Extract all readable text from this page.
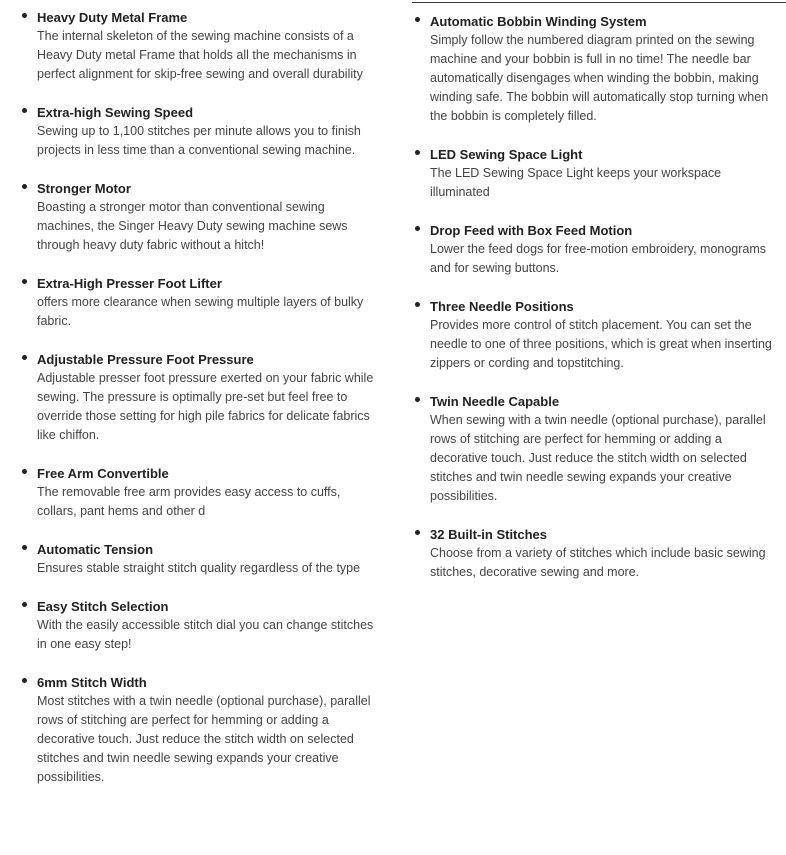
Heavy Duty Metal Frame
The internal skeleton of the sewing machine consists of a Heavy Duty metal Frame that holds all the mechanisms in perfect alignment for skip-free sewing and overall durability
Extra-high Sewing Speed
Sewing up to 1,100 stitches per minute allows you to finish projects in less time than a conventional sewing machine.
Stronger Motor
Boasting a stronger motor than conventional sewing machines, the Singer Heavy Duty sewing machine sews through heavy duty fabric without a hitch!
Extra-High Presser Foot Lifter
offers more clearance when sewing multiple layers of bulky fabric.
Adjustable Pressure Foot Pressure
Adjustable presser foot pressure exerted on your fabric while sewing. The pressure is optimally pre-set but feel free to override those setting for high pile fabrics for delicate fabrics like chiffon.
Free Arm Convertible
The removable free arm provides easy access to cuffs, collars, pant hems and other d
Automatic Tension
Ensures stable straight stitch quality regardless of the type
Easy Stitch Selection
With the easily accessible stitch dial you can change stitches in one easy step!
6mm Stitch Width
Most stitches with a twin needle (optional purchase), parallel rows of stitching are perfect for hemming or adding a decorative touch. Just reduce the stitch width on selected stitches and twin needle sewing expands your creative possibilities.
Automatic Bobbin Winding System
Simply follow the numbered diagram printed on the sewing machine and your bobbin is full in no time! The needle bar automatically disengages when winding the bobbin, making winding safe. The bobbin will automatically stop turning when the bobbin is completely filled.
LED Sewing Space Light
The LED Sewing Space Light keeps your workspace illuminated
Drop Feed with Box Feed Motion
Lower the feed dogs for free-motion embroidery, monograms and for sewing buttons.
Three Needle Positions
Provides more control of stitch placement. You can set the needle to one of three positions, which is great when inserting zippers or cording and topstitching.
Twin Needle Capable
When sewing with a twin needle (optional purchase), parallel rows of stitching are perfect for hemming or adding a decorative touch. Just reduce the stitch width on selected stitches and twin needle sewing expands your creative possibilities.
32 Built-in Stitches
Choose from a variety of stitches which include basic sewing stitches, decorative sewing and more.
